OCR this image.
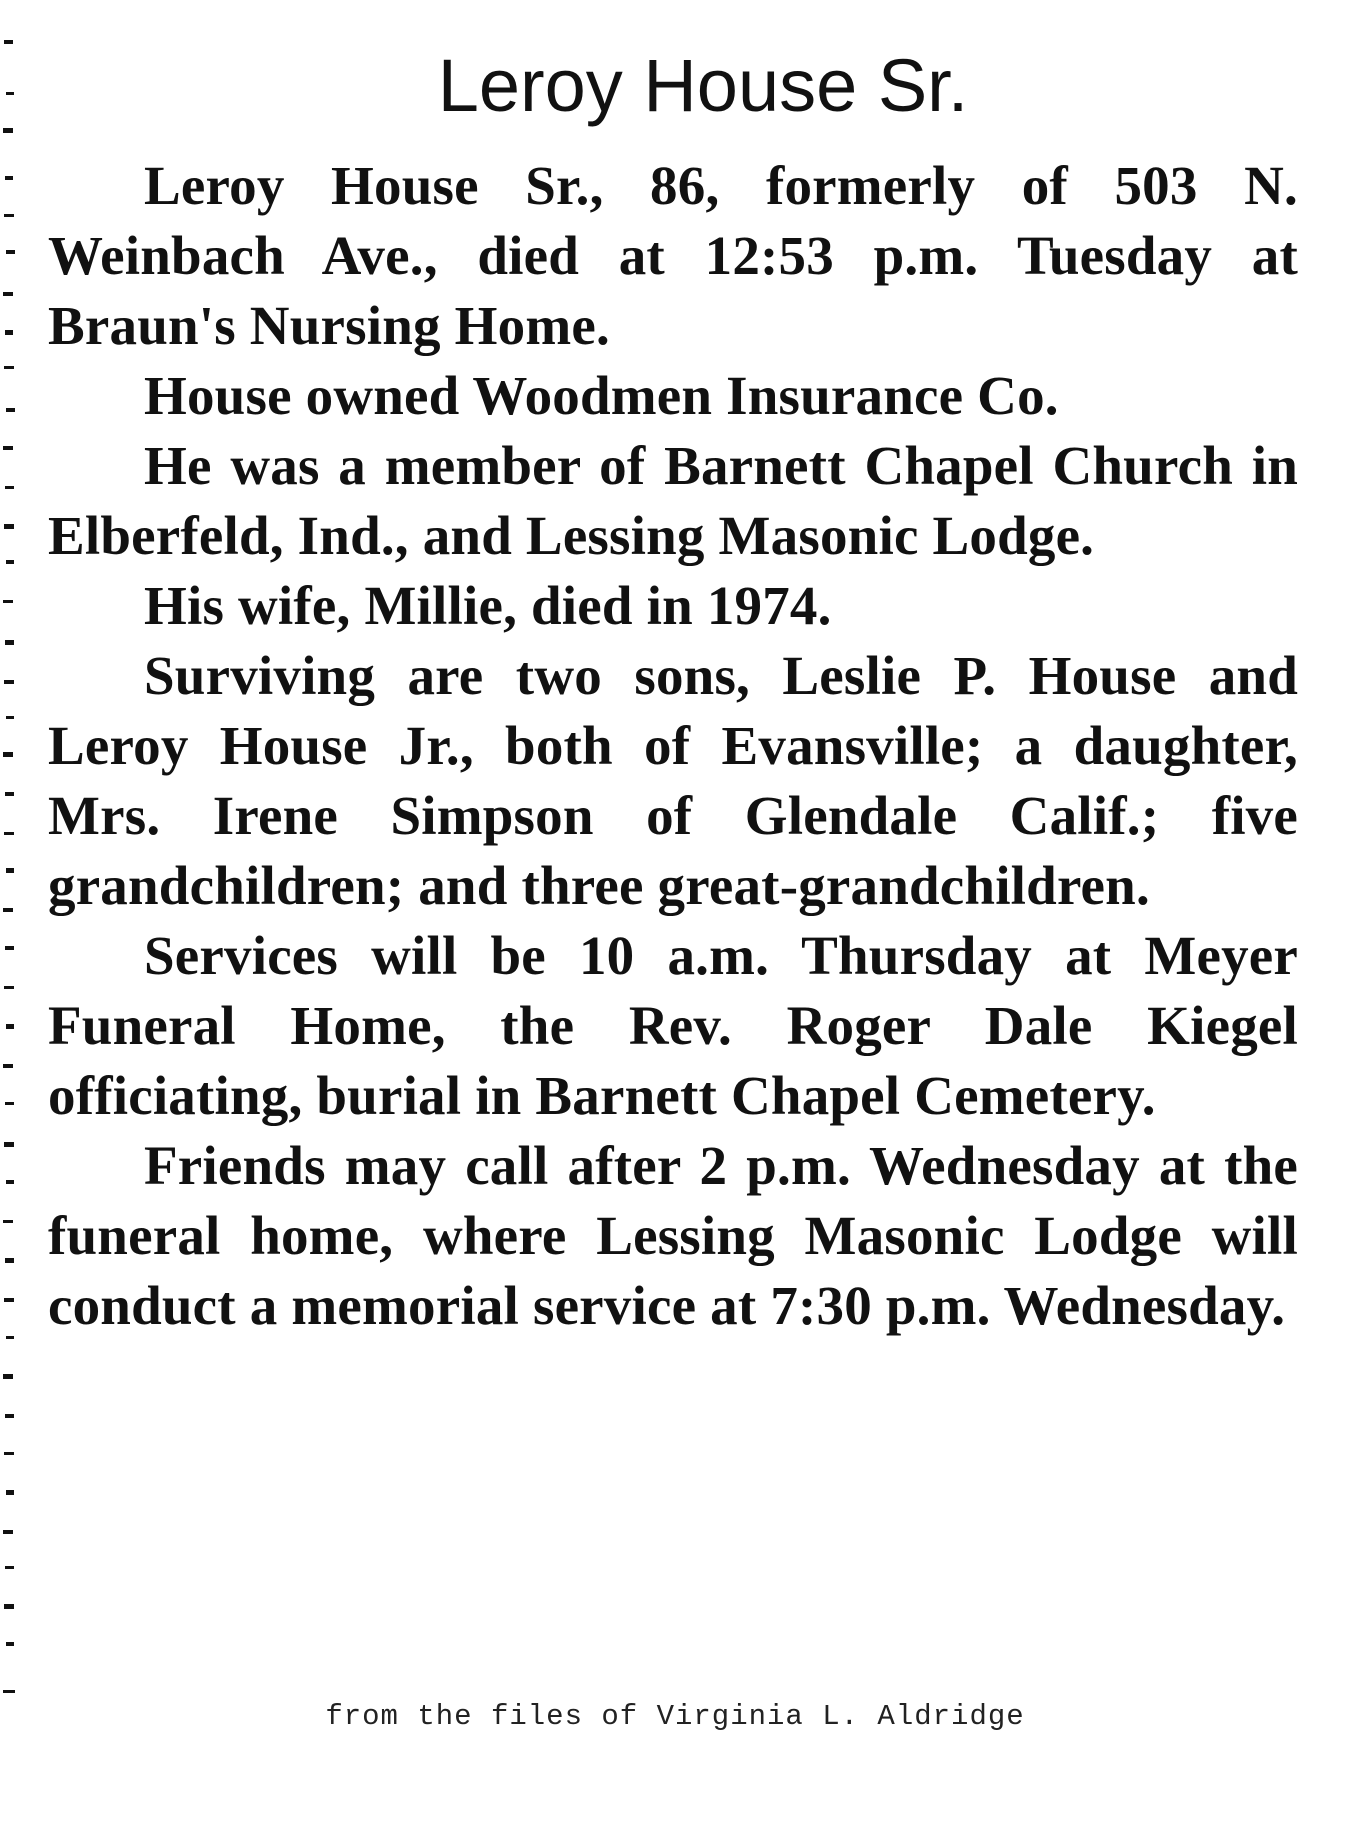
Leroy House Sr.

Leroy House Sr., 86, formerly of 503 N. Weinbach Ave., died at 12:53 p.m. Tuesday at Braun's Nursing Home.

House owned Woodmen Insurance Co.

He was a member of Barnett Chapel Church in Elberfeld, Ind., and Lessing Masonic Lodge.

His wife, Millie, died in 1974.

Surviving are two sons, Leslie P. House and Leroy House Jr., both of Evansville; a daughter, Mrs. Irene Simpson of Glendale Calif.; five grandchildren; and three great-grandchildren.

Services will be 10 a.m. Thursday at Meyer Funeral Home, the Rev. Roger Dale Kiegel officiating, burial in Barnett Chapel Cemetery.

Friends may call after 2 p.m. Wednesday at the funeral home, where Lessing Masonic Lodge will conduct a memorial service at 7:30 p.m. Wednesday.

from the files of Virginia L. Aldridge
